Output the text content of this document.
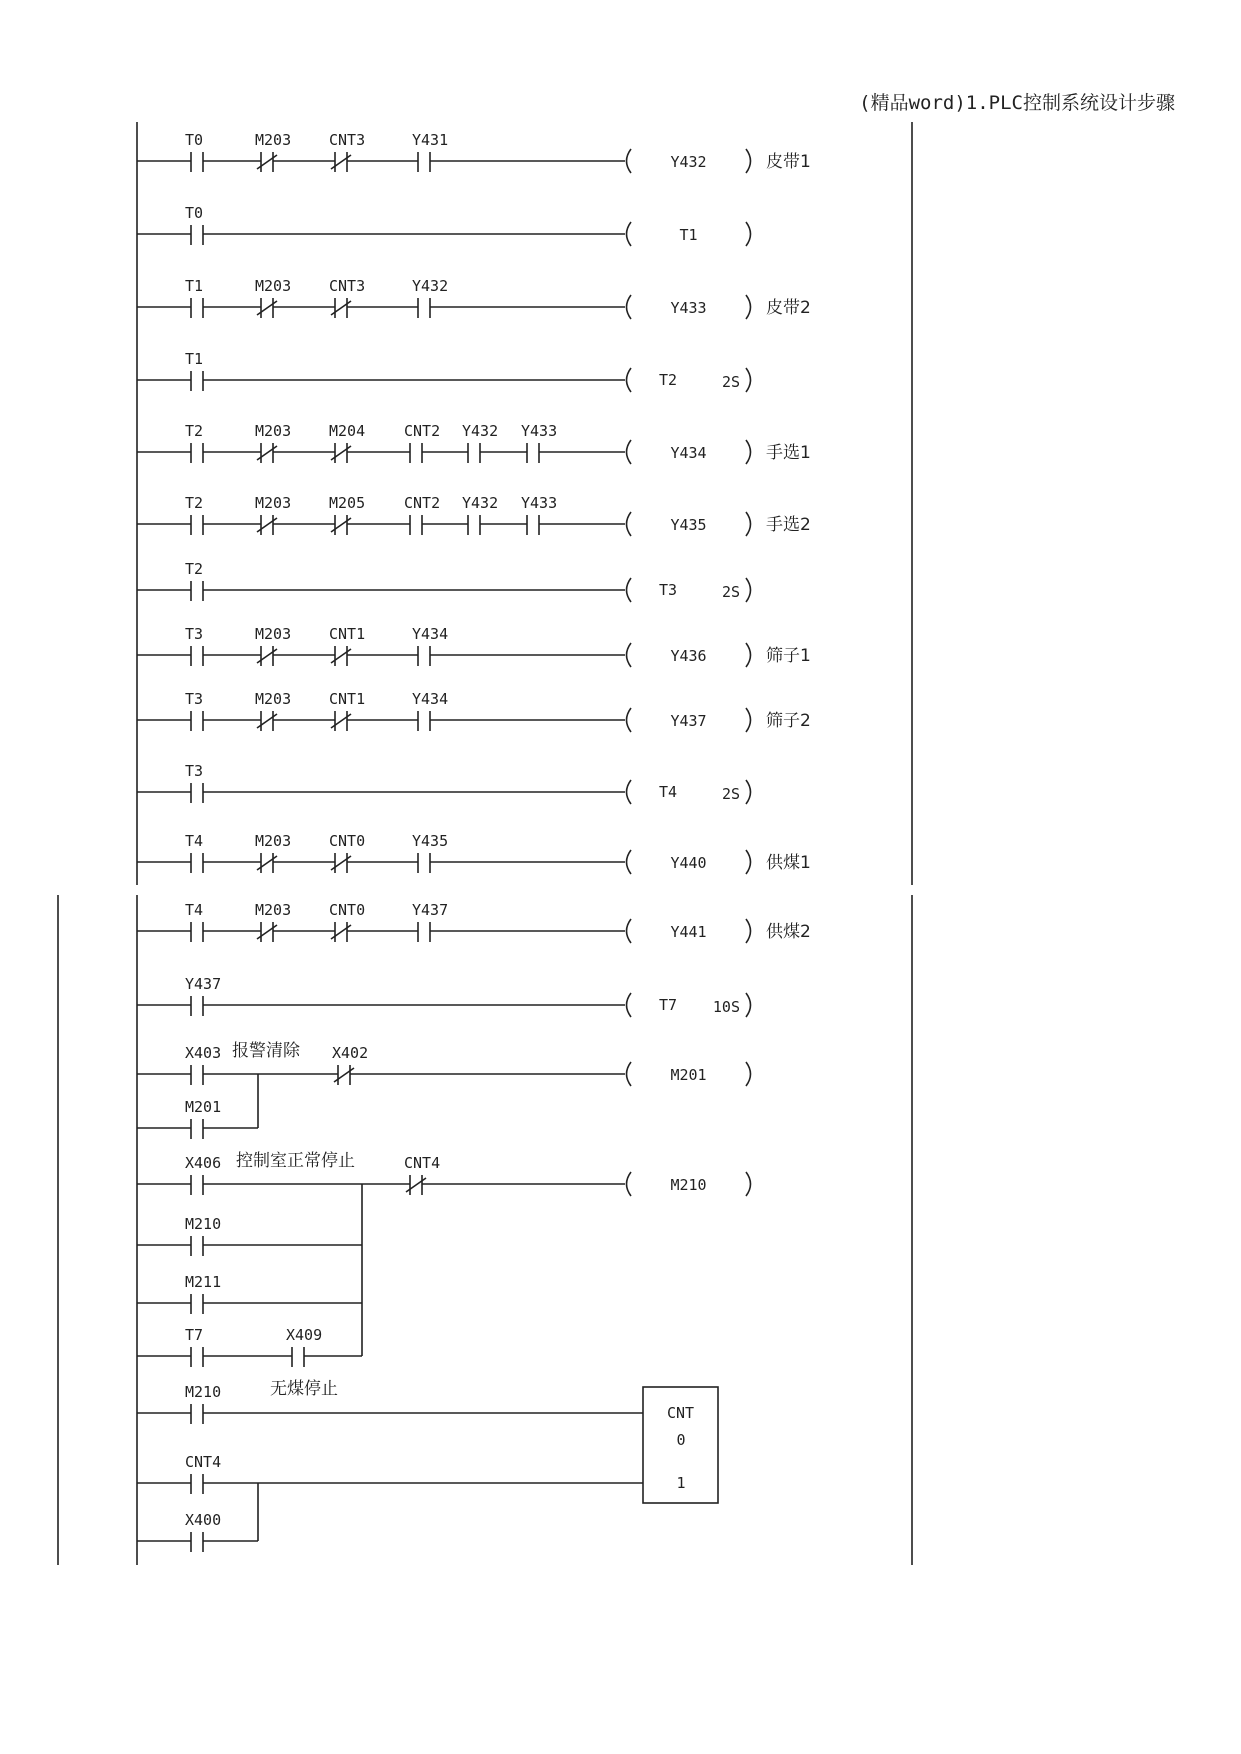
(精品word)1.PLC控制系统设计步骤

T0	M203	CNT3	Y431
Y432	皮带1
T0
T1
T1	M203	CNT3	Y432
Y433	皮带2
T1
T2	2S
T2	M203	M204	CNT2 Y432 Y433
Y434	手选1
T2	M203	M205	CNT2 Y432 Y433
Y435	手选2
T2
T3	2S
T3	M203	CNT1	Y434
Y436	筛子1
T3	M203	CNT1	Y434
Y437	筛子2
T3
T4	2S
T4	M203	CNT0	Y435
Y440	供煤1
T4	M203	CNT0	Y437
Y441	供煤2
Y437
T7 10S
报警清除
X403
M201
X402
M201
控制室正常停止
无煤停止
X406
M210
M211
T7	X409
CNT4
M210
CNT
0
1
M210
CNT4
X400
